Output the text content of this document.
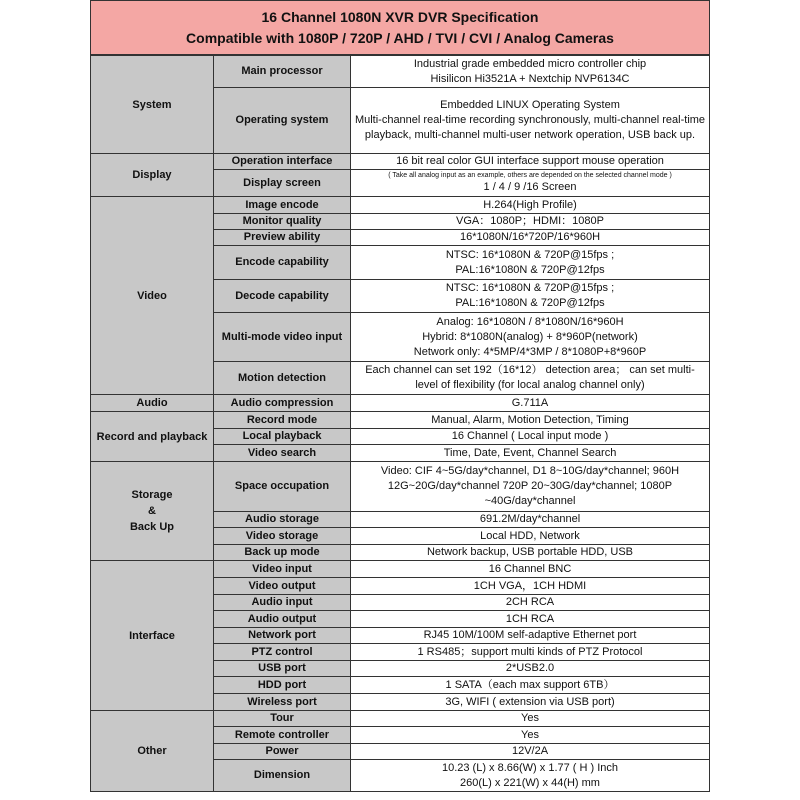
16 Channel 1080N XVR DVR Specification
Compatible with 1080P / 720P / AHD / TVI / CVI / Analog Cameras
System	Main processor	Industrial grade embedded micro controller chip
Hisilicon Hi3521A + Nextchip NVP6134C

	Operating system	Embedded LINUX Operating System
Multi-channel real-time recording synchronously, multi-channel real-time playback, multi-channel multi-user network operation, USB back up.

Display	Operation interface	16 bit real color GUI interface support mouse operation

	Display screen	( Take all analog input as an example, others are depended on the selected channel mode )
1 / 4 / 9 /16 Screen

Video	Image encode	H.264(High Profile)

	Monitor quality	VGA：1080P；HDMI：1080P

	Preview ability	16*1080N/16*720P/16*960H

	Encode capability	NTSC: 16*1080N & 720P@15fps ;
PAL:16*1080N & 720P@12fps

	Decode capability	NTSC: 16*1080N & 720P@15fps ;
PAL:16*1080N & 720P@12fps

	Multi-mode video input	Analog: 16*1080N / 8*1080N/16*960H
Hybrid: 8*1080N(analog) + 8*960P(network)
Network only: 4*5MP/4*3MP / 8*1080P+8*960P

	Motion detection	Each channel can set 192（16*12） detection area； can set multi-level of flexibility (for local analog channel only)

Audio	Audio compression	G.711A

Record and playback	Record mode	Manual, Alarm, Motion Detection, Timing

	Local playback	16 Channel ( Local input mode )

	Video search	Time, Date, Event, Channel Search

Storage
&
Back Up	Space occupation	Video: CIF 4~5G/day*channel, D1 8~10G/day*channel; 960H 12G~20G/day*channel 720P 20~30G/day*channel; 1080P ~40G/day*channel

	Audio storage	691.2M/day*channel

	Video storage	Local HDD, Network

	Back up mode	Network backup, USB portable HDD, USB

Interface	Video input	16 Channel BNC

	Video output	1CH VGA，1CH HDMI

	Audio input	2CH RCA

	Audio output	1CH RCA

	Network port	RJ45 10M/100M self-adaptive Ethernet port

	PTZ control	1 RS485；support multi kinds of PTZ Protocol

	USB port	2*USB2.0

	HDD port	1 SATA（each max support 6TB）

	Wireless port	3G, WIFI ( extension via USB port)

Other	Tour	Yes

	Remote controller	Yes

	Power	12V/2A

	Dimension	10.23 (L) x 8.66(W) x 1.77 ( H ) Inch
260(L) x 221(W) x 44(H) mm
